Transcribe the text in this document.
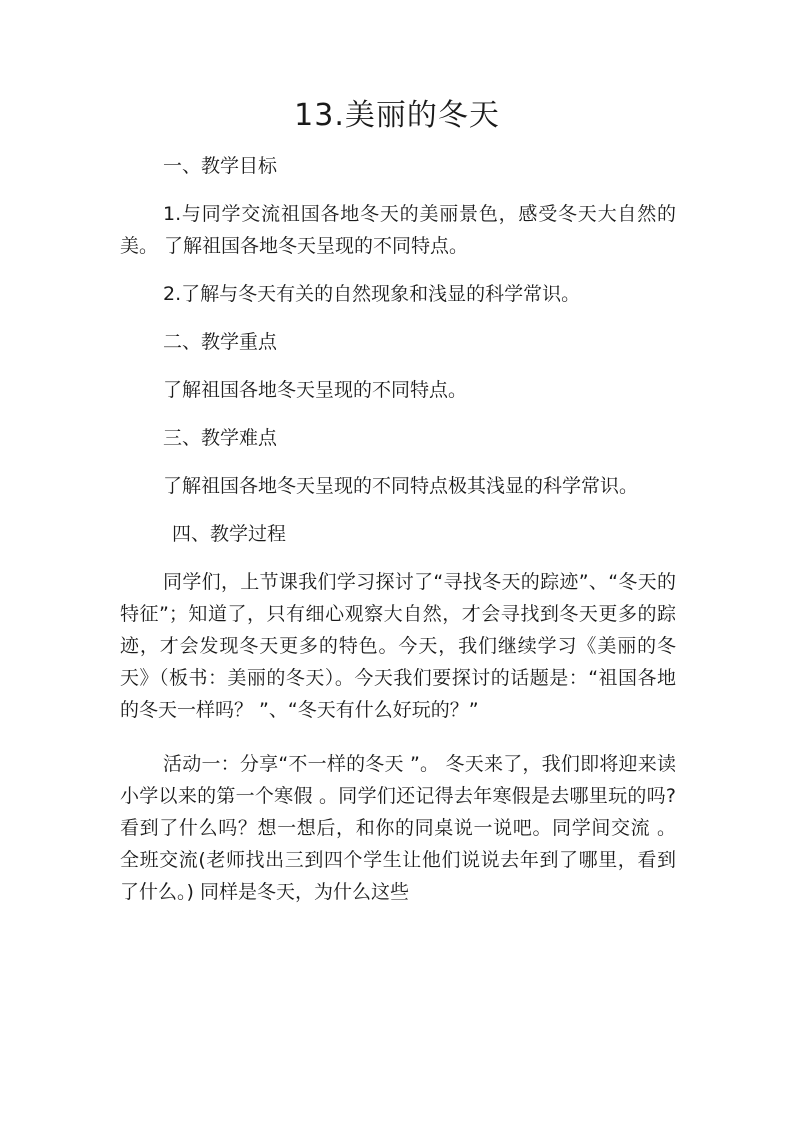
13.美丽的冬天

一、教学目标

1.与同学交流祖国各地冬天的美丽景色，感受冬天大自然的美。 了解祖国各地冬天呈现的不同特点。

2.了解与冬天有关的自然现象和浅显的科学常识。

二、教学重点

了解祖国各地冬天呈现的不同特点。

三、教学难点

了解祖国各地冬天呈现的不同特点极其浅显的科学常识。

四、教学过程

同学们，上节课我们学习探讨了“寻找冬天的踪迹”、“冬天的特征”；知道了，只有细心观察大自然，才会寻找到冬天更多的踪迹，才会发现冬天更多的特色。今天，我们继续学习《美丽的冬天》（板书：美丽的冬天）。今天我们要探讨的话题是：“祖国各地的冬天一样吗？ ”、“冬天有什么好玩的？”

活动一：分享“不一样的冬天 ”。 冬天来了，我们即将迎来读小学以来的第一个寒假 。同学们还记得去年寒假是去哪里玩的吗?看到了什么吗？想一想后，和你的同桌说一说吧。同学间交流 。全班交流(老师找出三到四个学生让他们说说去年到了哪里，看到了什么。) 同样是冬天，为什么这些
